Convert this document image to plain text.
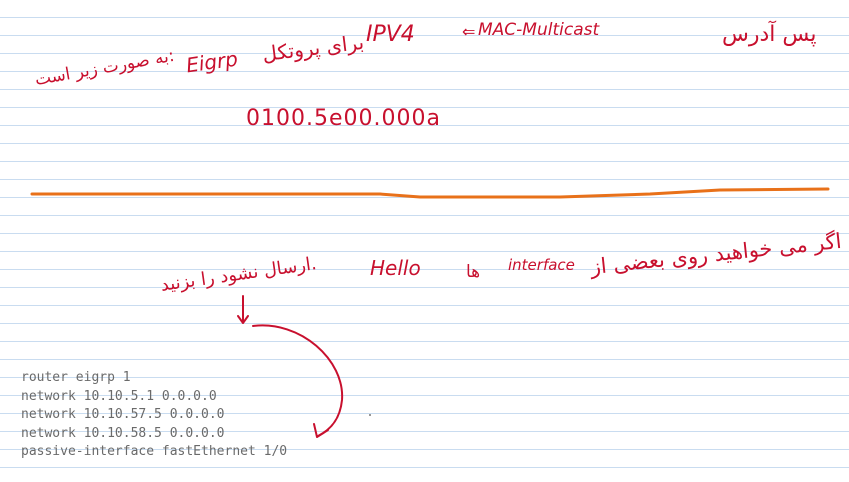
پس آدرس
MAC-Multicast
⇐
IPV4
برای پروتکل
Eigrp
به صورت زیر است:
0100.5e00.000a
اگر می خواهید روی بعضی از
interface
ها
Hello
ارسال نشود را بزنید.
router eigrp 1
network 10.10.5.1 0.0.0.0
network 10.10.57.5 0.0.0.0
network 10.10.58.5 0.0.0.0
passive-interface fastEthernet 1/0
